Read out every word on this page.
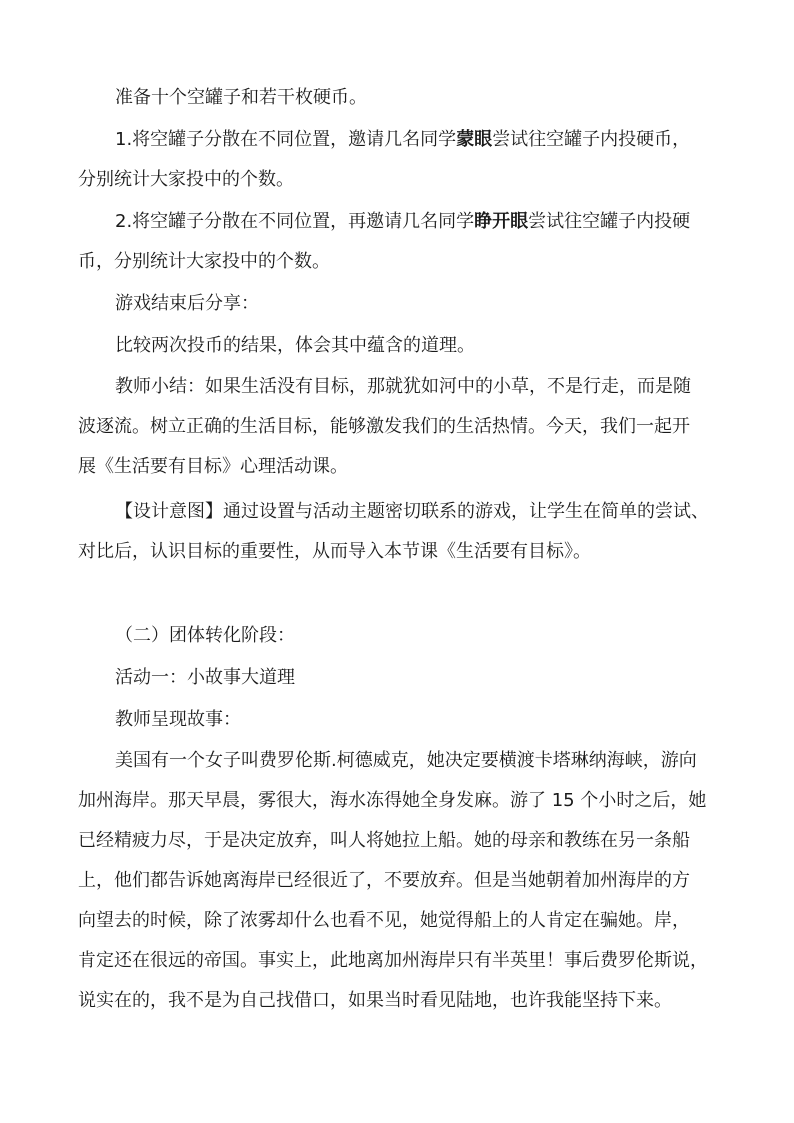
准备十个空罐子和若干枚硬币。
1.将空罐子分散在不同位置，邀请几名同学蒙眼尝试往空罐子内投硬币，
分别统计大家投中的个数。
2.将空罐子分散在不同位置，再邀请几名同学睁开眼尝试往空罐子内投硬
币，分别统计大家投中的个数。
游戏结束后分享：
比较两次投币的结果，体会其中蕴含的道理。
教师小结：如果生活没有目标，那就犹如河中的小草，不是行走，而是随
波逐流。树立正确的生活目标，能够激发我们的生活热情。今天，我们一起开
展《生活要有目标》心理活动课。
【设计意图】通过设置与活动主题密切联系的游戏，让学生在简单的尝试、
对比后，认识目标的重要性，从而导入本节课《生活要有目标》。
（二）团体转化阶段：
活动一：小故事大道理
教师呈现故事：
美国有一个女子叫费罗伦斯.柯德威克，她决定要横渡卡塔琳纳海峡，游向
加州海岸。那天早晨，雾很大，海水冻得她全身发麻。游了 15 个小时之后，她
已经精疲力尽，于是决定放弃，叫人将她拉上船。她的母亲和教练在另一条船
上，他们都告诉她离海岸已经很近了，不要放弃。但是当她朝着加州海岸的方
向望去的时候，除了浓雾却什么也看不见，她觉得船上的人肯定在骗她。岸，
肯定还在很远的帝国。事实上，此地离加州海岸只有半英里！事后费罗伦斯说，
说实在的，我不是为自己找借口，如果当时看见陆地，也许我能坚持下来。
